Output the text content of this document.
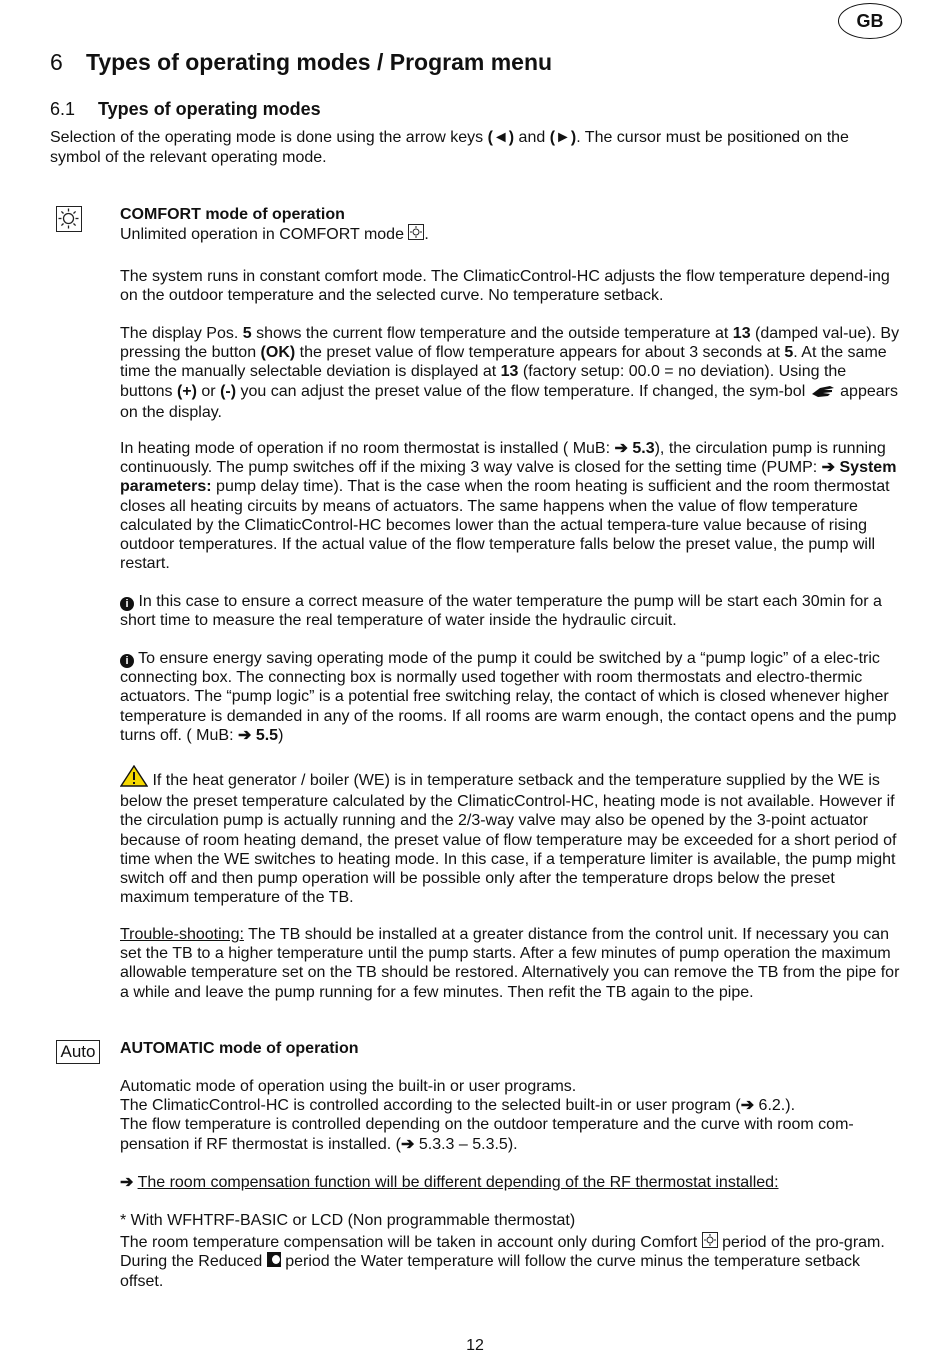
GB
6 Types of operating modes / Program menu
6.1 Types of operating modes
Selection of the operating mode is done using the arrow keys (◄) and (►). The cursor must be positioned on the symbol of the relevant operating mode.

COMFORT mode of operation

Unlimited operation in COMFORT mode
.

The system runs in constant comfort mode. The ClimaticControl-HC adjusts the flow temperature depend-ing on the outdoor temperature and the selected curve. No temperature setback.

The display Pos. 5 shows the current flow temperature and the outside temperature at 13 (damped val-ue). By pressing the button (OK) the preset value of flow temperature appears for about 3 seconds at 5. At the same time the manually selectable deviation is displayed at 13 (factory setup: 00.0 = no deviation). Using the buttons (+) or (-) you can adjust the preset value of the flow temperature. If changed, the sym-bol  appears on the display.

In heating mode of operation if no room thermostat is installed ( MuB: ➔ 5.3), the circulation pump is running continuously. The pump switches off if the mixing 3 way valve is closed for the setting time (PUMP: ➔ System parameters: pump delay time). That is the case when the room heating is sufficient and the room thermostat closes all heating circuits by means of actuators. The same happens when the value of flow temperature calculated by the ClimaticControl-HC becomes lower than the actual tempera-ture value because of rising outdoor temperatures. If the actual value of the flow temperature falls below the preset value, the pump will restart.

i In this case to ensure a correct measure of the water temperature the pump will be start each 30min for a short time to measure the real temperature of water inside the hydraulic circuit.

i To ensure energy saving operating mode of the pump it could be switched by a “pump logic” of a elec-tric connecting box. The connecting box is normally used together with room thermostats and electro-thermic actuators. The “pump logic” is a potential free switching relay, the contact of which is closed whenever higher temperature is demanded in any of the rooms. If all rooms are warm enough, the contact opens and the pump turns off. ( MuB: ➔ 5.5)

If the heat generator / boiler (WE) is in temperature setback and the temperature supplied by the WE is below the preset temperature calculated by the ClimaticControl-HC, heating mode is not available. However if the circulation pump is actually running and the 2/3-way valve may also be opened by the 3-point actuator because of room heating demand, the preset value of flow temperature may be exceeded for a short period of time when the WE switches to heating mode. In this case, if a temperature limiter is available, the pump might switch off and then pump operation will be possible only after the temperature drops below the preset maximum temperature of the TB.

Trouble-shooting: The TB should be installed at a greater distance from the control unit. If necessary you can set the TB to a higher temperature until the pump starts. After a few minutes of pump operation the maximum allowable temperature set on the TB should be restored. Alternatively you can remove the TB from the pipe for a while and leave the pump running for a few minutes. Then refit the TB again to the pipe.

Auto AUTOMATIC mode of operation

Automatic mode of operation using the built-in or user programs.

The ClimaticControl-HC is controlled according to the selected built-in or user program (➔ 6.2.).

The flow temperature is controlled depending on the outdoor temperature and the curve with room com-pensation if RF thermostat is installed. (➔ 5.3.3 – 5.3.5).

➔ The room compensation function will be different depending of the RF thermostat installed:

* With WFHTRF-BASIC or LCD (Non programmable thermostat)

The room temperature compensation will be taken in account only during Comfort
period of the pro-gram. During the Reduced  period the Water temperature will follow the curve minus the temperature setback offset.

12
